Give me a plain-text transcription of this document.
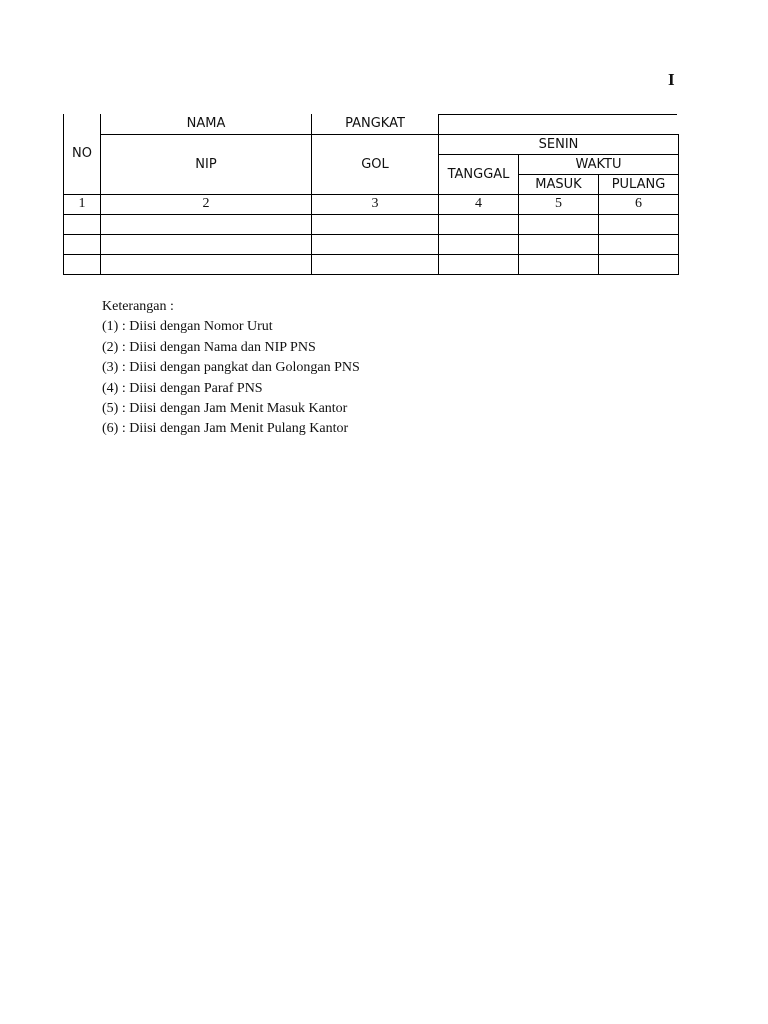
I
NO	NAMA	PANGKAT			
	NIP	GOL	SENIN		
			TANGGAL	WAKTU	
				MASUK	PULANG
1	2	3	4	5	6

Keterangan :
(1) : Diisi dengan Nomor Urut
(2) : Diisi dengan Nama dan NIP PNS
(3) : Diisi dengan pangkat dan Golongan PNS
(4) : Diisi dengan Paraf PNS
(5) : Diisi dengan Jam Menit Masuk Kantor
(6) : Diisi dengan Jam Menit Pulang Kantor
